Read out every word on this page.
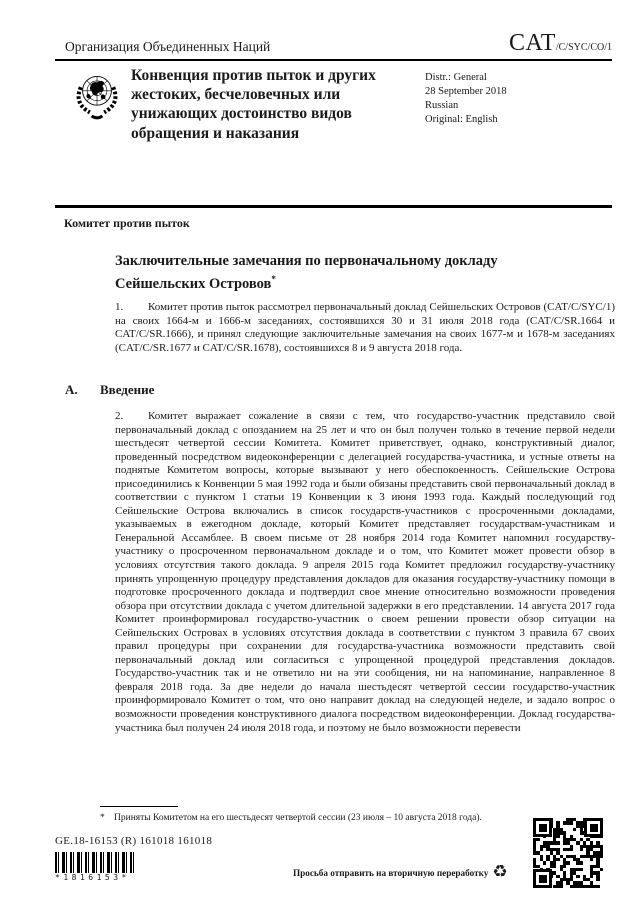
Организация Объединенных Наций	CAT/C/SYC/CO/1
Конвенция против пыток и других жестоких, бесчеловечных или унижающих достоинство видов обращения и наказания
Distr.: General
28 September 2018
Russian
Original: English
Комитет против пыток
Заключительные замечания по первоначальному докладу Сейшельских Островов*

1. Комитет против пыток рассмотрел первоначальный доклад Сейшельских Островов (CAT/C/SYC/1) на своих 1664-м и 1666-м заседаниях, состоявшихся 30 и 31 июля 2018 года (CAT/C/SR.1664 и CAT/C/SR.1666), и принял следующие заключительные замечания на своих 1677-м и 1678-м заседаниях (CAT/C/SR.1677 и CAT/C/SR.1678), состоявшихся 8 и 9 августа 2018 года.

A.	Введение

2. Комитет выражает сожаление в связи с тем, что государство-участник представило свой первоначальный доклад с опозданием на 25 лет и что он был получен только в течение первой недели шестьдесят четвертой сессии Комитета. Комитет приветствует, однако, конструктивный диалог, проведенный посредством видеоконференции с делегацией государства-участника, и устные ответы на поднятые Комитетом вопросы, которые вызывают у него обеспокоенность. Сейшельские Острова присоединились к Конвенции 5 мая 1992 года и были обязаны представить свой первоначальный доклад в соответствии с пунктом 1 статьи 19 Конвенции к 3 июня 1993 года. Каждый последующий год Сейшельские Острова включались в список государств-участников с просроченными докладами, указываемых в ежегодном докладе, который Комитет представляет государствам-участникам и Генеральной Ассамблее. В своем письме от 28 ноября 2014 года Комитет напомнил государству-участнику о просроченном первоначальном докладе и о том, что Комитет может провести обзор в условиях отсутствия такого доклада. 9 апреля 2015 года Комитет предложил государству-участнику принять упрощенную процедуру представления докладов для оказания государству-участнику помощи в подготовке просроченного доклада и подтвердил свое мнение относительно возможности проведения обзора при отсутствии доклада с учетом длительной задержки в его представлении. 14 августа 2017 года Комитет проинформировал государство-участник о своем решении провести обзор ситуации на Сейшельских Островах в условиях отсутствия доклада в соответствии с пунктом 3 правила 67 своих правил процедуры при сохранении для государства-участника возможности представить свой первоначальный доклад или согласиться с упрощенной процедурой представления докладов. Государство-участник так и не ответило ни на эти сообщения, ни на напоминание, направленное 8 февраля 2018 года. За две недели до начала шестьдесят четвертой сессии государство-участник проинформировало Комитет о том, что оно направит доклад на следующей неделе, и задало вопрос о возможности проведения конструктивного диалога посредством видеоконференции. Доклад государства-участника был получен 24 июля 2018 года, и поэтому не было возможности перевести

* Приняты Комитетом на его шестьдесят четвертой сессии (23 июля – 10 августа 2018 года).
GE.18-16153 (R) 161018 161018
*1816153*	Просьба отправить на вторичную переработку ♻
